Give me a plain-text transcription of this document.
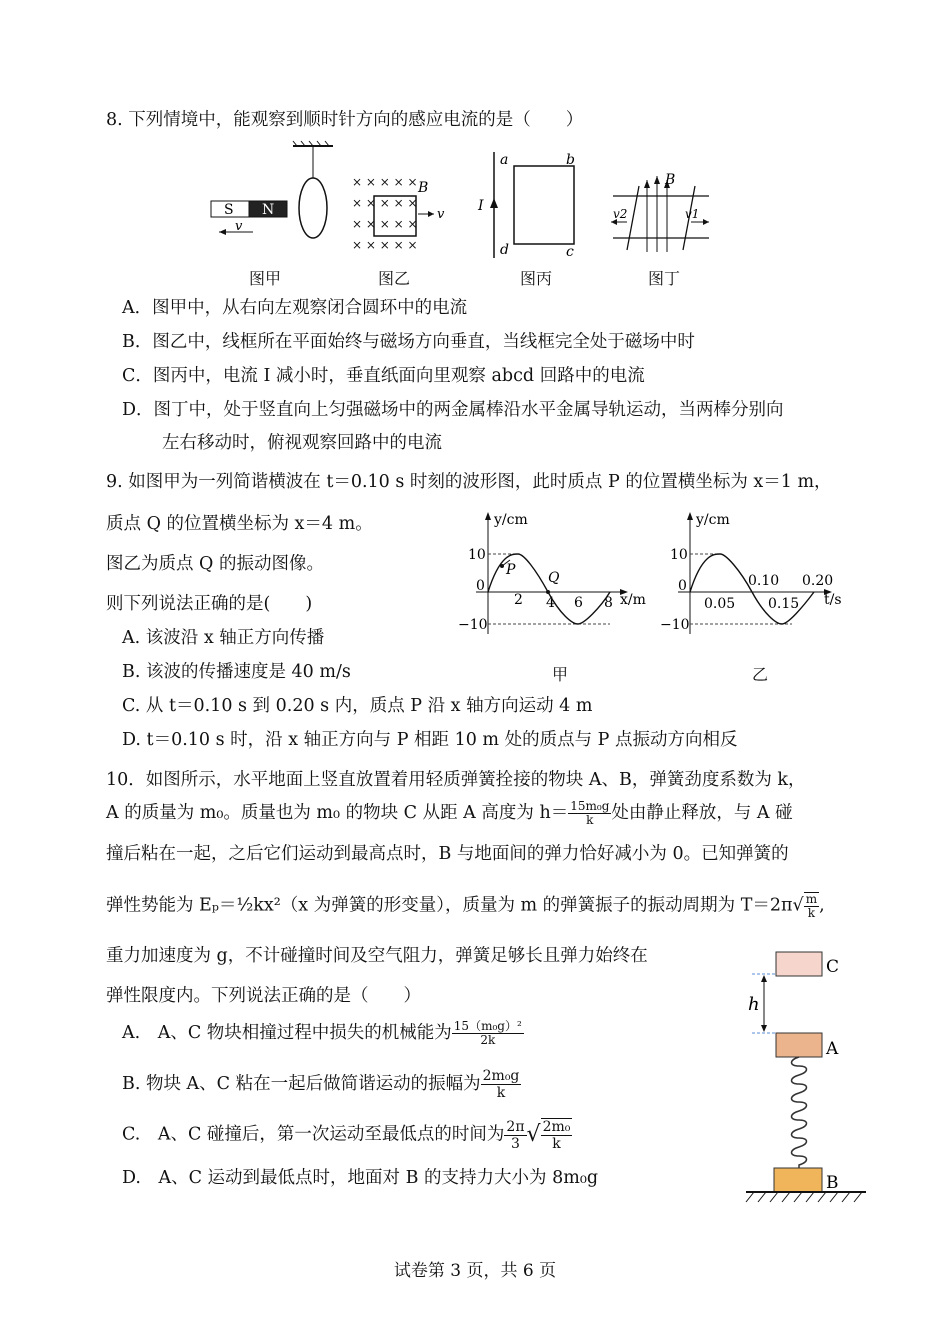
8. 下列情境中，能观察到顺时针方向的感应电流的是（　　）
S N
v
× × × × ×
× × × × ×
× × × × ×
× × × × ×
B
v
I
a	b
d	c
B
v2	v1
图甲	图乙	图丙	图丁
A．图甲中，从右向左观察闭合圆环中的电流
B．图乙中，线框所在平面始终与磁场方向垂直，当线框完全处于磁场中时
C．图丙中，电流 I 减小时，垂直纸面向里观察 abcd 回路中的电流
D．图丁中，处于竖直向上匀强磁场中的两金属棒沿水平金属导轨运动，当两棒分别向
左右移动时，俯视观察回路中的电流
9. 如图甲为一列简谐横波在 t＝0.10 s 时刻的波形图，此时质点 P 的位置横坐标为 x＝1 m，
质点 Q 的位置横坐标为 x＝4 m。
图乙为质点 Q 的振动图像。
则下列说法正确的是(　　)
A. 该波沿 x 轴正方向传播
B. 该波的传播速度是 40 m/s
C. 从 t＝0.10 s 到 0.20 s 内，质点 P 沿 x 轴方向运动 4 m
D. t＝0.10 s 时，沿 x 轴正方向与 P 相距 10 m 处的质点与 P 点振动方向相反
y/cm
x/m
10
−10
0
2 4 6 8
P Q
甲
y/cm
t/s
10
−10
0
0.05 0.15
0.10 0.20
乙
10．如图所示，水平地面上竖直放置着用轻质弹簧拴接的物块 A、B，弹簧劲度系数为 k，
A 的质量为 m₀。质量也为 m₀ 的物块 C 从距 A 高度为 $h= \frac{\text{15m₀g}}{k}$ 处由静止释放，与 A 碰
撞后粘在一起，之后它们运动到最高点时，B 与地面间的弹力恰好减小为 0。已知弹簧的
弹性势能为 Eₚ＝½kx²（x 为弹簧的形变量），质量为 m 的弹簧振子的振动周期为 $T=2\pi√ \frac{m}{k}$ ,
重力加速度为 g，不计碰撞时间及空气阻力，弹簧足够长且弹力始终在
弹性限度内。下列说法正确的是（　　）
A.　A、C 物块相撞过程中损失的机械能为 $\frac{\text{15（m₀g）²}}{2k}$
B. 物块 A、C 粘在一起后做简谐运动的振幅为 $\frac{\text{2m₀g}}{k}$
C.　A、C 碰撞后，第一次运动至最低点的时间为 $\frac{2\pi}{3}$ √ $\frac{\text{2m₀}}{k}$
D.　A、C 运动到最低点时，地面对 B 的支持力大小为 8m₀g
C
h
A
B
试卷第 3 页，共 6 页
